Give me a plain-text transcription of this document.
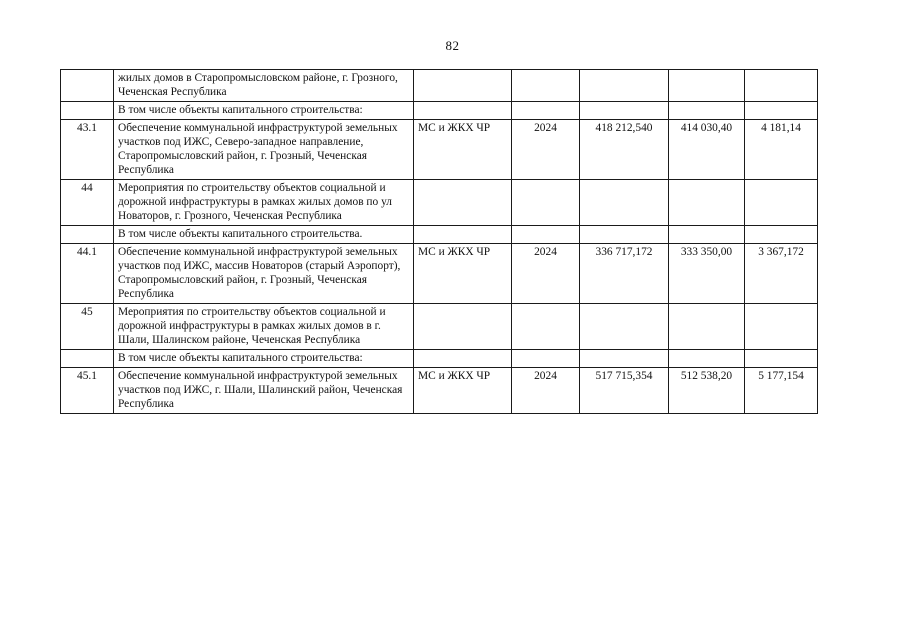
82
	жилых домов в Старопромысловском районе, г. Грозного, Чеченская Республика					
	В том числе объекты капитального строительства:					
43.1	Обеспечение коммунальной инфраструктурой земельных участков под ИЖС, Северо-западное направление, Старопромысловский район, г. Грозный, Чеченская Республика	МС и ЖКХ ЧР	2024	418 212,540	414 030,40	4 181,14
44	Мероприятия по строительству объектов социальной и дорожной инфраструктуры в рамках жилых домов по ул Новаторов, г. Грозного, Чеченская Республика					
	В том числе объекты капитального строительства.					
44.1	Обеспечение коммунальной инфраструктурой земельных участков под ИЖС, массив Новаторов (старый Аэропорт), Старопромысловский район, г. Грозный, Чеченская Республика	МС и ЖКХ ЧР	2024	336 717,172	333 350,00	3 367,172
45	Мероприятия по строительству объектов социальной и дорожной инфраструктуры в рамках жилых домов в г. Шали, Шалинском районе, Чеченская Республика					
	В том числе объекты капитального строительства:					
45.1	Обеспечение коммунальной инфраструктурой земельных участков под ИЖС, г. Шали, Шалинский район, Чеченская Республика	МС и ЖКХ ЧР	2024	517 715,354	512 538,20	5 177,154
